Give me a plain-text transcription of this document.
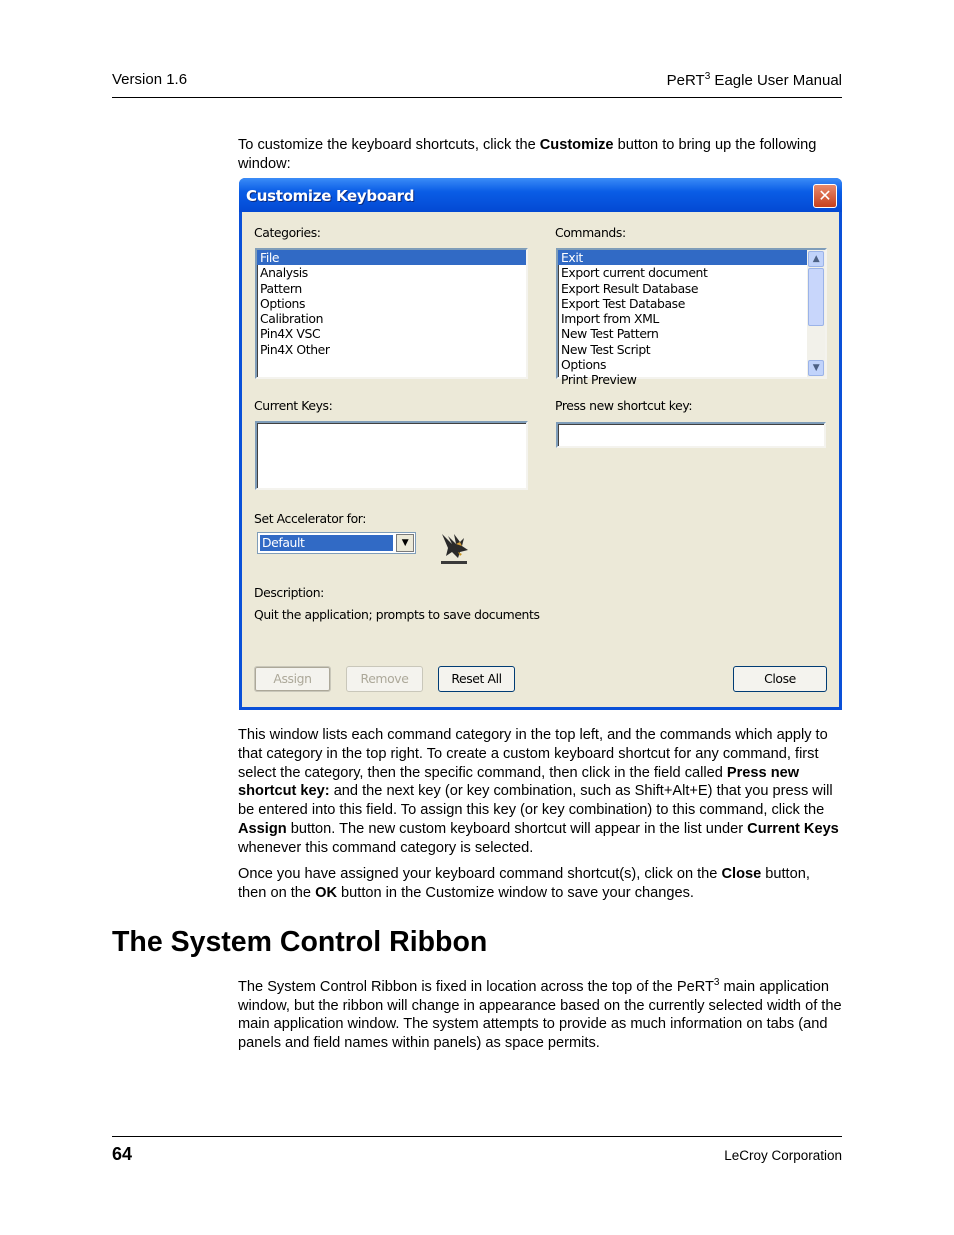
Version 1.6	PeRT$^3$ Eagle User Manual

To customize the keyboard shortcuts, click the Customize button to bring up the following window:

Customize Keyboard	✕
Categories:
File
Analysis
Pattern
Options
Calibration
Pin4X VSC
Pin4X Other
Commands:
Exit
Export current document
Export Result Database
Export Test Database
Import from XML
New Test Pattern
New Test Script
Options
Print Preview
▲
▼
Current Keys:	Press new shortcut key:
Set Accelerator for:
Default	▼
Description:
Quit the application; prompts to save documents
Assign	Remove	Reset All	Close

This window lists each command category in the top left, and the commands which apply to that category in the top right. To create a custom keyboard shortcut for any command, first select the category, then the specific command, then click in the field called Press new shortcut key: and the next key (or key combination, such as Shift+Alt+E) that you press will be entered into this field. To assign this key (or key combination) to this command, click the Assign button. The new custom keyboard shortcut will appear in the list under Current Keys whenever this command category is selected.

Once you have assigned your keyboard command shortcut(s), click on the Close button, then on the OK button in the Customize window to save your changes.

The System Control Ribbon

The System Control Ribbon is fixed in location across the top of the PeRT$^3$ main application window, but the ribbon will change in appearance based on the currently selected width of the main application window. The system attempts to provide as much information on tabs (and panels and field names within panels) as space permits.

64	LeCroy Corporation
